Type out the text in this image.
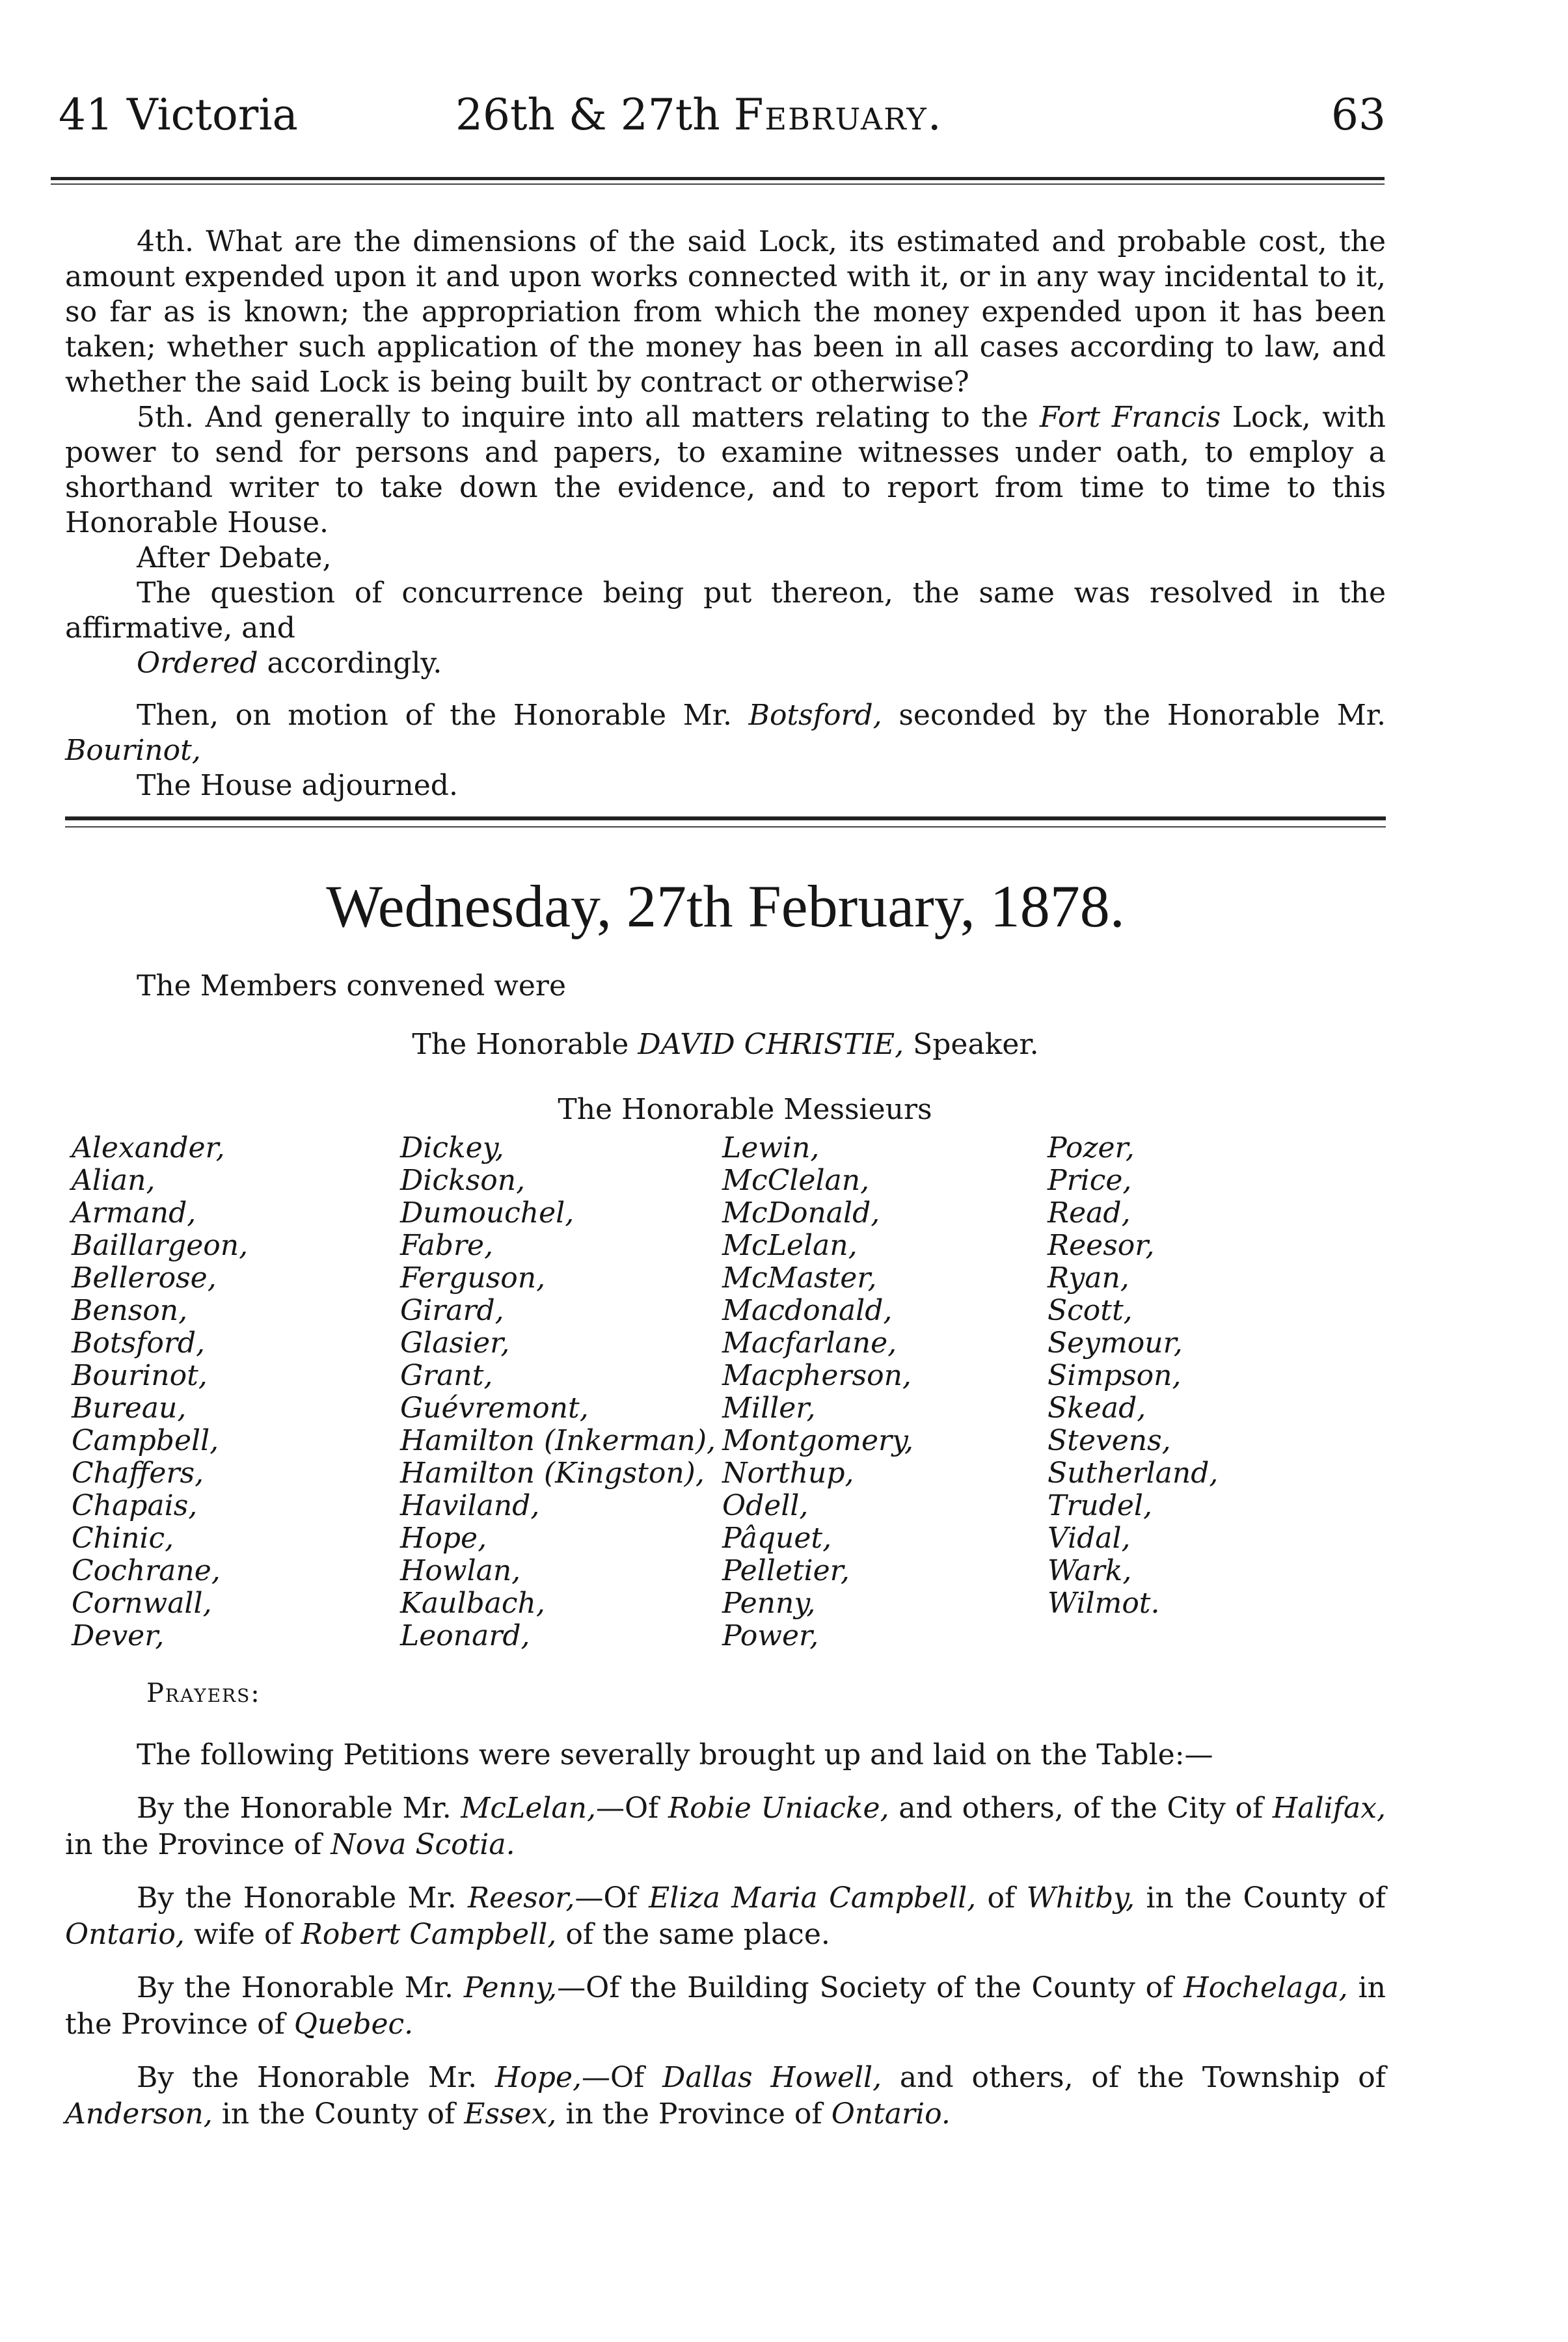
41 Victoria	26th & 27th February.	63

4th. What are the dimensions of the said Lock, its estimated and probable cost, the amount expended upon it and upon works connected with it, or in any way incidental to it, so far as is known; the appropriation from which the money expended upon it has been taken; whether such application of the money has been in all cases according to law, and whether the said Lock is being built by contract or otherwise?

5th. And generally to inquire into all matters relating to the Fort Francis Lock, with power to send for persons and papers, to examine witnesses under oath, to employ a shorthand writer to take down the evidence, and to report from time to time to this Honorable House.

After Debate,

The question of concurrence being put thereon, the same was resolved in the affirmative, and

Ordered accordingly.

Then, on motion of the Honorable Mr. Botsford, seconded by the Honorable Mr. Bourinot,

The House adjourned.

Wednesday, 27th February, 1878.
The Members convened were
The Honorable DAVID CHRISTIE, Speaker.
The Honorable Messieurs
Alexander,
Alian,
Armand,
Baillargeon,
Bellerose,
Benson,
Botsford,
Bourinot,
Bureau,
Campbell,
Chaffers,
Chapais,
Chinic,
Cochrane,
Cornwall,
Dever,
Dickey,
Dickson,
Dumouchel,
Fabre,
Ferguson,
Girard,
Glasier,
Grant,
Guévremont,
Hamilton (Inkerman),
Hamilton (Kingston),
Haviland,
Hope,
Howlan,
Kaulbach,
Leonard,
Lewin,
McClelan,
McDonald,
McLelan,
McMaster,
Macdonald,
Macfarlane,
Macpherson,
Miller,
Montgomery,
Northup,
Odell,
Pâquet,
Pelletier,
Penny,
Power,
Pozer,
Price,
Read,
Reesor,
Ryan,
Scott,
Seymour,
Simpson,
Skead,
Stevens,
Sutherland,
Trudel,
Vidal,
Wark,
Wilmot.
Prayers:

The following Petitions were severally brought up and laid on the Table:—

By the Honorable Mr. McLelan,—Of Robie Uniacke, and others, of the City of Halifax, in the Province of Nova Scotia.

By the Honorable Mr. Reesor,—Of Eliza Maria Campbell, of Whitby, in the County of Ontario, wife of Robert Campbell, of the same place.

By the Honorable Mr. Penny,—Of the Building Society of the County of Hochelaga, in the Province of Quebec.

By the Honorable Mr. Hope,—Of Dallas Howell, and others, of the Township of Anderson, in the County of Essex, in the Province of Ontario.
